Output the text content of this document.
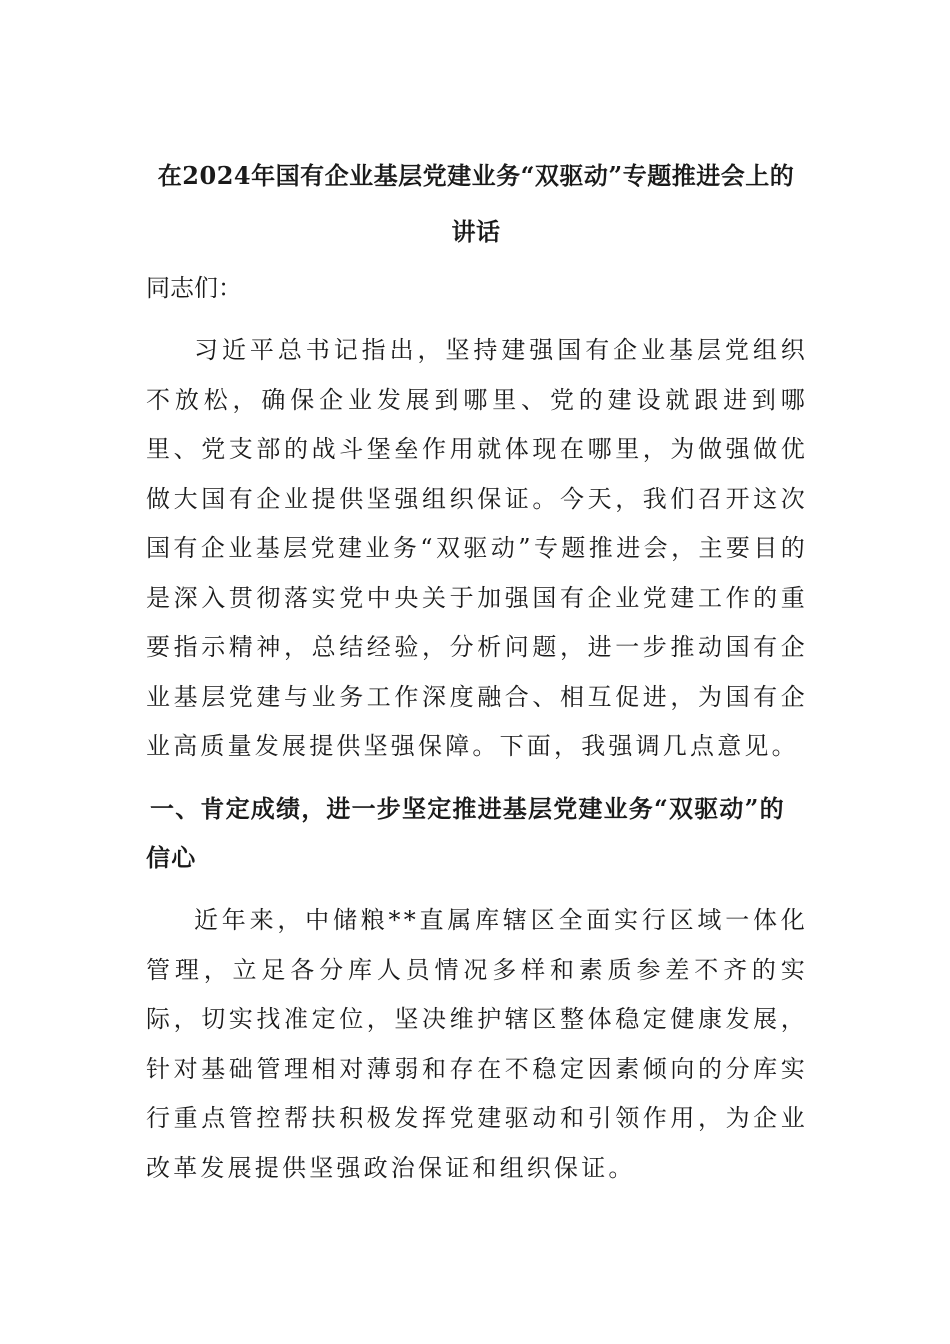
在2024年国有企业基层党建业务“双驱动”专题推进会上的讲话

同志们：

习近平总书记指出，坚持建强国有企业基层党组织不放松，确保企业发展到哪里、党的建设就跟进到哪里、党支部的战斗堡垒作用就体现在哪里，为做强做优做大国有企业提供坚强组织保证。今天，我们召开这次国有企业基层党建业务“双驱动”专题推进会，主要目的是深入贯彻落实党中央关于加强国有企业党建工作的重要指示精神，总结经验，分析问题，进一步推动国有企业基层党建与业务工作深度融合、相互促进，为国有企业高质量发展提供坚强保障。下面，我强调几点意见。

一、肯定成绩，进一步坚定推进基层党建业务“双驱动”的信心

近年来，中储粮**直属库辖区全面实行区域一体化管理，立足各分库人员情况多样和素质参差不齐的实际，切实找准定位，坚决维护辖区整体稳定健康发展，针对基础管理相对薄弱和存在不稳定因素倾向的分库实行重点管控帮扶积极发挥党建驱动和引领作用，为企业改革发展提供坚强政治保证和组织保证。
